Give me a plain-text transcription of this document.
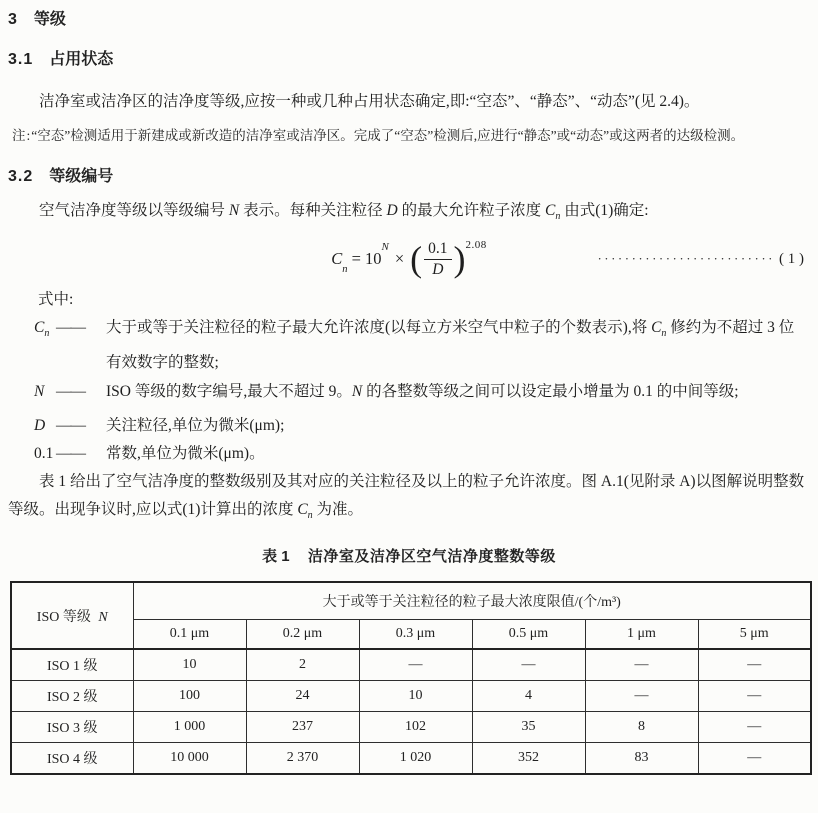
3 等级
3.1 占用状态

洁净室或洁净区的洁净度等级,应按一种或几种占用状态确定,即:“空态”、“静态”、“动态”(见 2.4)。

注:“空态”检测适用于新建成或新改造的洁净室或洁净区。完成了“空态”检测后,应进行“静态”或“动态”或这两者的达级检测。
3.2 等级编号

空气洁净度等级以等级编号 N 表示。每种关注粒径 D 的最大允许粒子浓度 $C_n$ 由式(1)确定:

C
n
= 10
N
× ( $\frac{0.1}{D}$ ) 2.08
·························· ( 1 )
式中:
$C_n$ —— 大于或等于关注粒径的粒子最大允许浓度(以每立方米空气中粒子的个数表示),将 $C_n$ 修约为不超过 3 位有效数字的整数;
N —— ISO 等级的数字编号,最大不超过 9。N 的各整数等级之间可以设定最小增量为 0.1 的中间等级;
D —— 关注粒径,单位为微米(μm);
0.1 —— 常数,单位为微米(μm)。

表 1 给出了空气洁净度的整数级别及其对应的关注粒径及以上的粒子允许浓度。图 A.1(见附录 A)以图解说明整数等级。出现争议时,应以式(1)计算出的浓度 $C_n$ 为准。

表 1 洁净室及洁净区空气洁净度整数等级
ISO 等级 N	大于或等于关注粒径的粒子最大浓度限值/(个/m³)					
	0.1 μm	0.2 μm	0.3 μm	0.5 μm	1 μm	5 μm
ISO 1 级	10	2	—	—	—	—
ISO 2 级	100	24	10	4	—	—
ISO 3 级	1 000	237	102	35	8	—
ISO 4 级	10 000	2 370	1 020	352	83	—
